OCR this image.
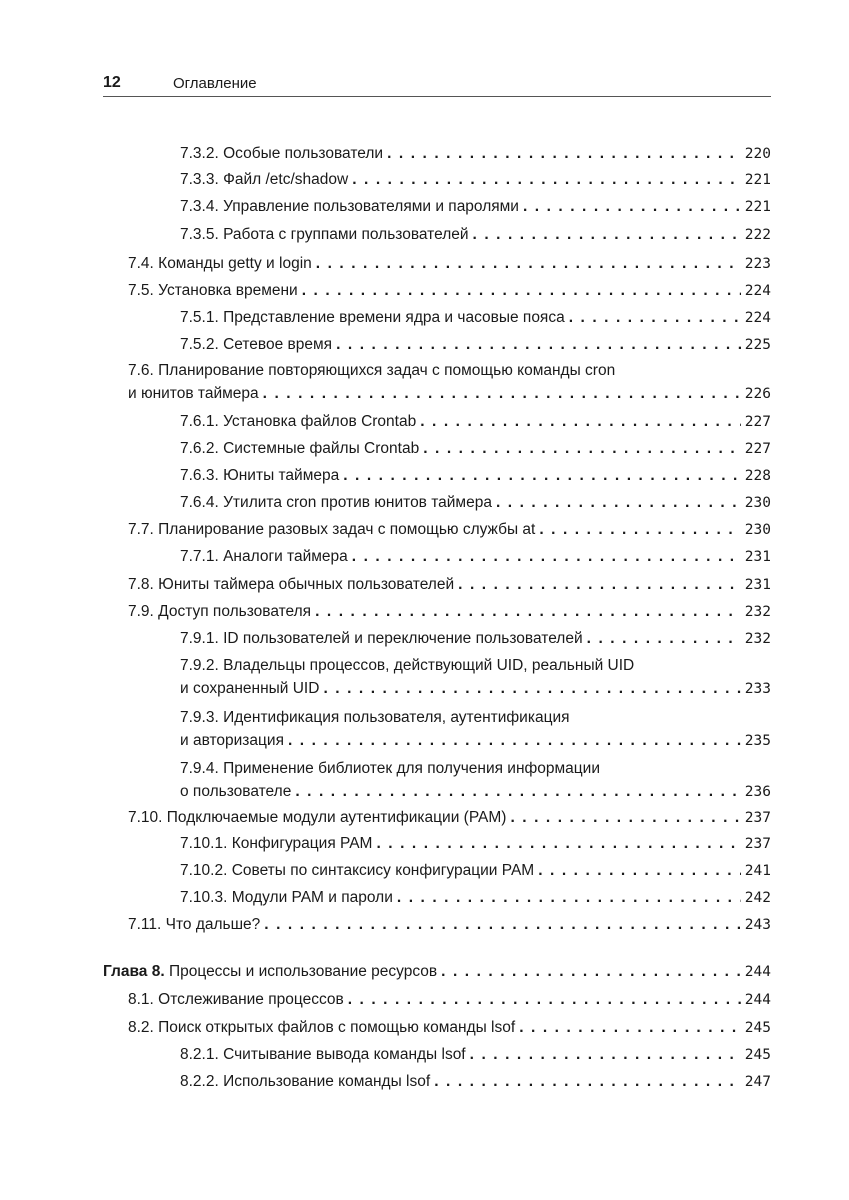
12	Оглавление
7.3.2. Особые пользователи . . .	220
7.3.3. Файл /etc/shadow . . .	221
7.3.4. Управление пользователями и паролями . . .	221
7.3.5. Работа с группами пользователей . . .	222
7.4. Команды getty и login . . .	223
7.5. Установка времени . . .	224
7.5.1. Представление времени ядра и часовые пояса . . .	224
7.5.2. Сетевое время . . .	225
7.6. Планирование повторяющихся задач с помощью команды cron
и юнитов таймера . . .	226
7.6.1. Установка файлов Crontab . . .	227
7.6.2. Системные файлы Crontab . . .	227
7.6.3. Юниты таймера . . .	228
7.6.4. Утилита cron против юнитов таймера . . .	230
7.7. Планирование разовых задач с помощью службы at . . .	230
7.7.1. Аналоги таймера . . .	231
7.8. Юниты таймера обычных пользователей . . .	231
7.9. Доступ пользователя . . .	232
7.9.1. ID пользователей и переключение пользователей . . .	232
7.9.2. Владельцы процессов, действующий UID, реальный UID
и сохраненный UID . . .	233
7.9.3. Идентификация пользователя, аутентификация
и авторизация . . .	235
7.9.4. Применение библиотек для получения информации
о пользователе . . .	236
7.10. Подключаемые модули аутентификации (PAM) . . .	237
7.10.1. Конфигурация PAM . . .	237
7.10.2. Советы по синтаксису конфигурации PAM . . .	241
7.10.3. Модули PAM и пароли . . .	242
7.11. Что дальше? . . .	243
Глава 8. Процессы и использование ресурсов . . .	244
8.1. Отслеживание процессов . . .	244
8.2. Поиск открытых файлов с помощью команды lsof . . .	245
8.2.1. Считывание вывода команды lsof . . .	245
8.2.2. Использование команды lsof . . .	247
